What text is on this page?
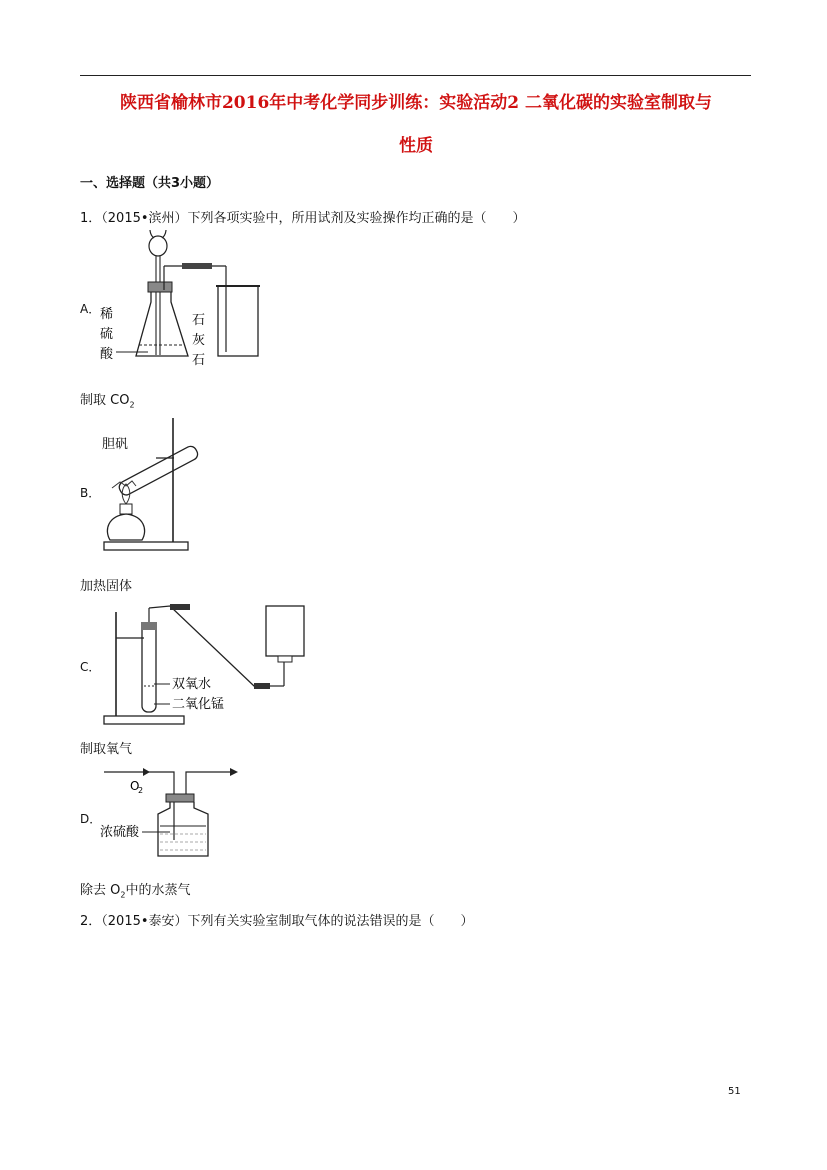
陕西省榆林市2016年中考化学同步训练：实验活动2 二氧化碳的实验室制取与
性质
一、选择题（共3小题）
1．（2015•滨州）下列各项实验中，所用试剂及实验操作均正确的是（　　）
A． 稀
硫
酸
石
灰
石
制取 $CO_2$
B．
胆矾
加热固体
C．
双氧水
二氧化锰
制取氧气
D．
O
2
浓硫酸
除去 $O_2$中的水蒸气
2．（2015•泰安）下列有关实验室制取气体的说法错误的是（　　）
51
